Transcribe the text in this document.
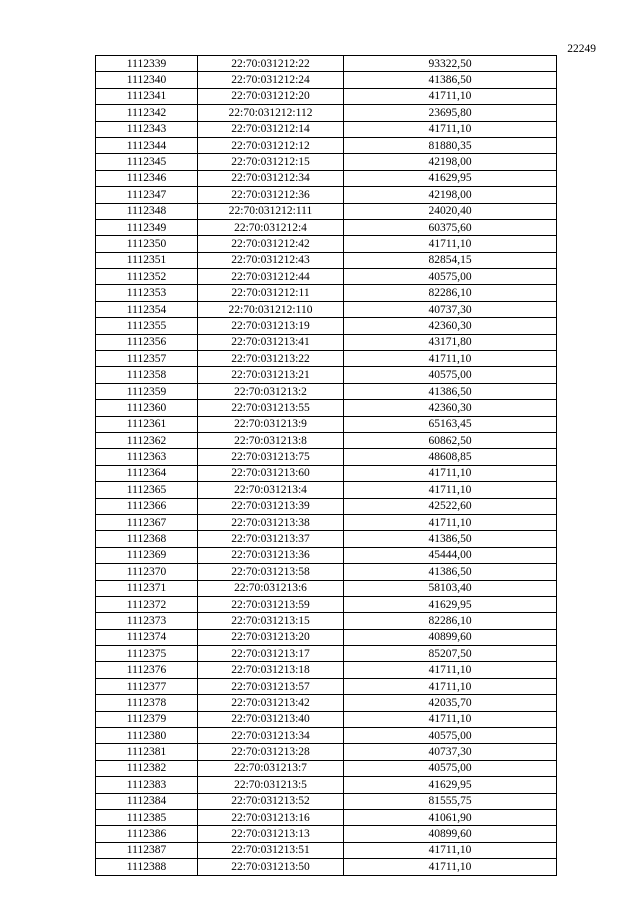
22249
1112339	22:70:031212:22	93322,50
1112340	22:70:031212:24	41386,50
1112341	22:70:031212:20	41711,10
1112342	22:70:031212:112	23695,80
1112343	22:70:031212:14	41711,10
1112344	22:70:031212:12	81880,35
1112345	22:70:031212:15	42198,00
1112346	22:70:031212:34	41629,95
1112347	22:70:031212:36	42198,00
1112348	22:70:031212:111	24020,40
1112349	22:70:031212:4	60375,60
1112350	22:70:031212:42	41711,10
1112351	22:70:031212:43	82854,15
1112352	22:70:031212:44	40575,00
1112353	22:70:031212:11	82286,10
1112354	22:70:031212:110	40737,30
1112355	22:70:031213:19	42360,30
1112356	22:70:031213:41	43171,80
1112357	22:70:031213:22	41711,10
1112358	22:70:031213:21	40575,00
1112359	22:70:031213:2	41386,50
1112360	22:70:031213:55	42360,30
1112361	22:70:031213:9	65163,45
1112362	22:70:031213:8	60862,50
1112363	22:70:031213:75	48608,85
1112364	22:70:031213:60	41711,10
1112365	22:70:031213:4	41711,10
1112366	22:70:031213:39	42522,60
1112367	22:70:031213:38	41711,10
1112368	22:70:031213:37	41386,50
1112369	22:70:031213:36	45444,00
1112370	22:70:031213:58	41386,50
1112371	22:70:031213:6	58103,40
1112372	22:70:031213:59	41629,95
1112373	22:70:031213:15	82286,10
1112374	22:70:031213:20	40899,60
1112375	22:70:031213:17	85207,50
1112376	22:70:031213:18	41711,10
1112377	22:70:031213:57	41711,10
1112378	22:70:031213:42	42035,70
1112379	22:70:031213:40	41711,10
1112380	22:70:031213:34	40575,00
1112381	22:70:031213:28	40737,30
1112382	22:70:031213:7	40575,00
1112383	22:70:031213:5	41629,95
1112384	22:70:031213:52	81555,75
1112385	22:70:031213:16	41061,90
1112386	22:70:031213:13	40899,60
1112387	22:70:031213:51	41711,10
1112388	22:70:031213:50	41711,10
